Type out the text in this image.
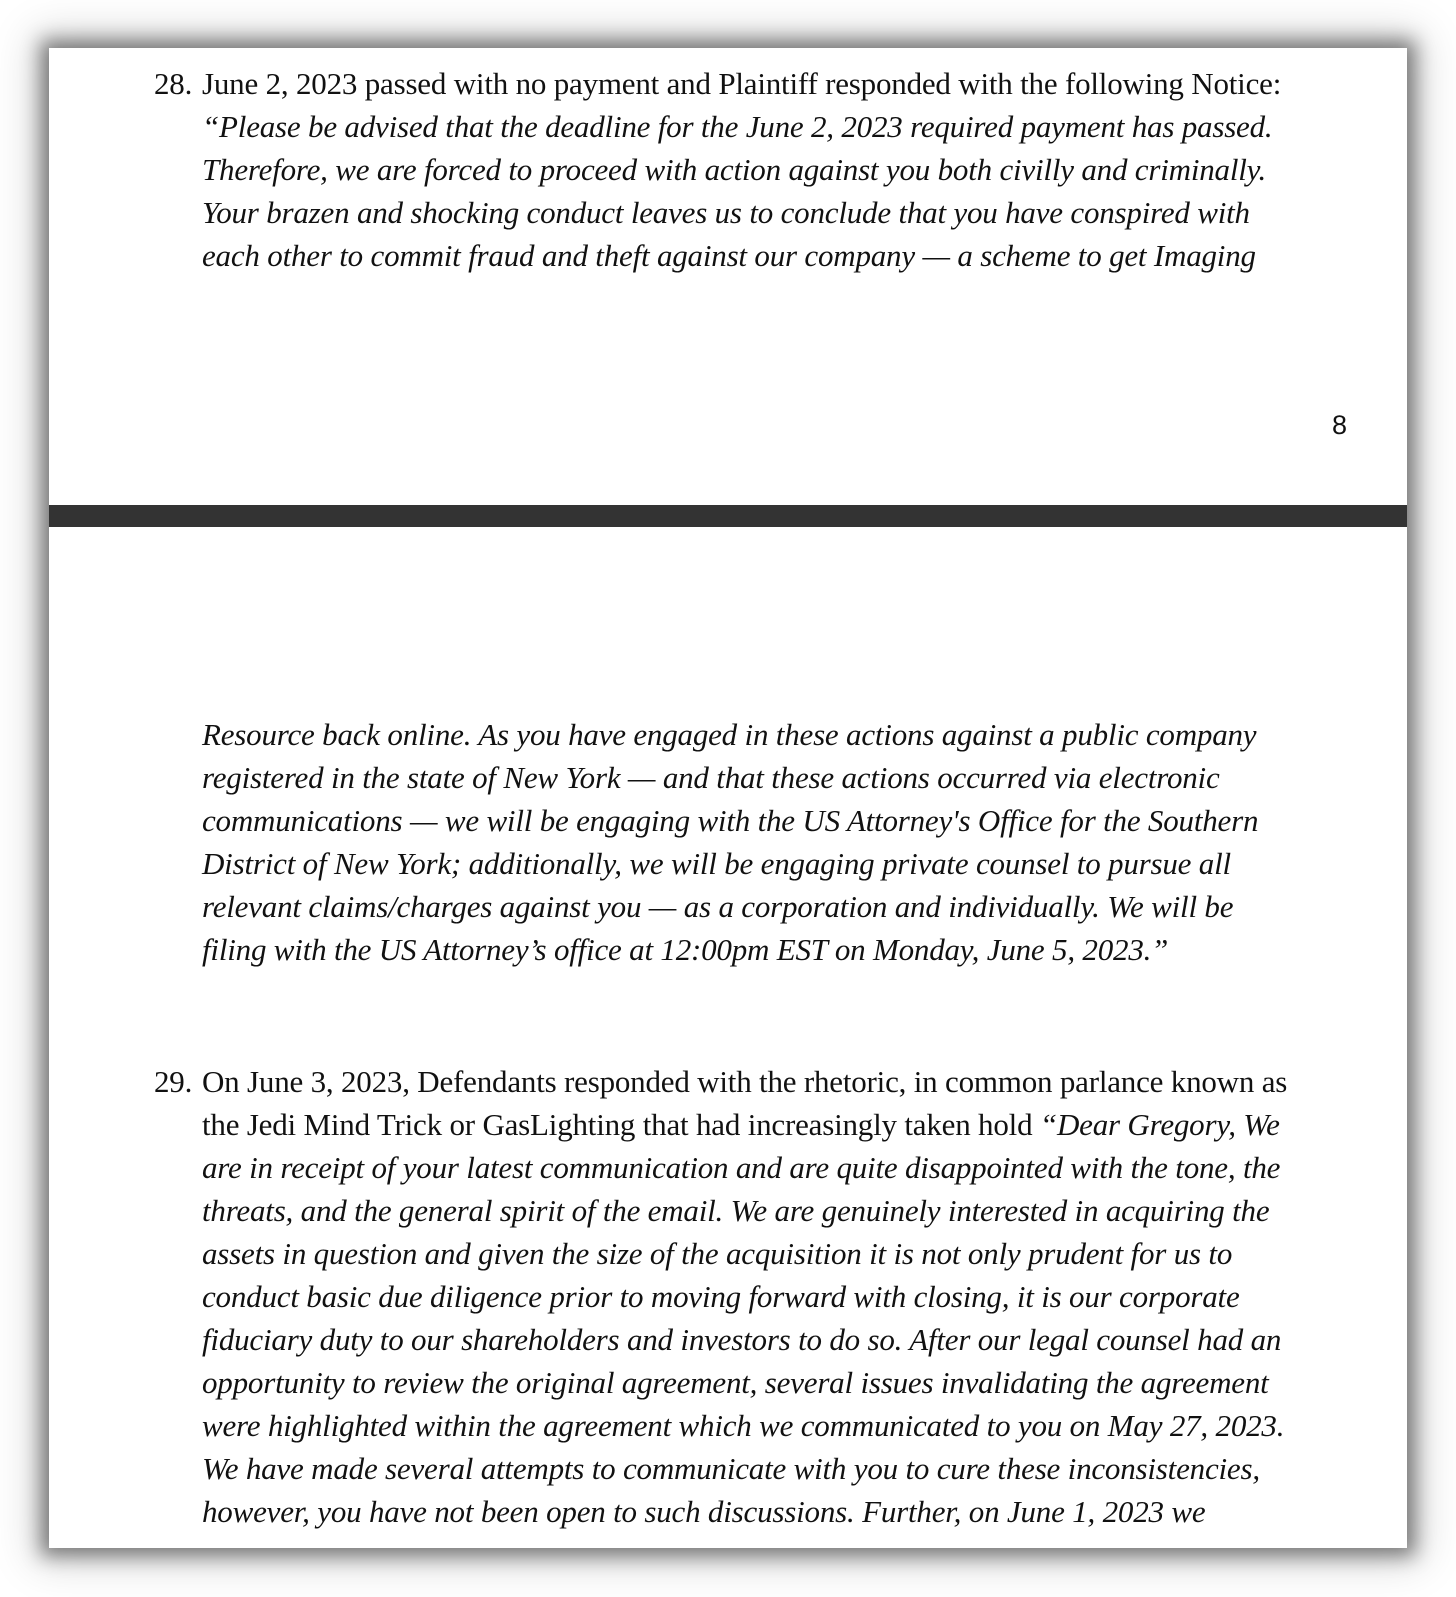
28. June 2, 2023 passed with no payment and Plaintiff responded with the following Notice:
“Please be advised that the deadline for the June 2, 2023 required payment has passed.
Therefore, we are forced to proceed with action against you both civilly and criminally.
Your brazen and shocking conduct leaves us to conclude that you have conspired with
each other to commit fraud and theft against our company — a scheme to get Imaging
8
Resource back online. As you have engaged in these actions against a public company
registered in the state of New York — and that these actions occurred via electronic
communications — we will be engaging with the US Attorney's Office for the Southern
District of New York; additionally, we will be engaging private counsel to pursue all
relevant claims/charges against you — as a corporation and individually. We will be
filing with the US Attorney’s office at 12:00pm EST on Monday, June 5, 2023.”
29. On June 3, 2023, Defendants responded with the rhetoric, in common parlance known as
the Jedi Mind Trick or GasLighting that had increasingly taken hold “Dear Gregory, We
are in receipt of your latest communication and are quite disappointed with the tone, the
threats, and the general spirit of the email. We are genuinely interested in acquiring the
assets in question and given the size of the acquisition it is not only prudent for us to
conduct basic due diligence prior to moving forward with closing, it is our corporate
fiduciary duty to our shareholders and investors to do so. After our legal counsel had an
opportunity to review the original agreement, several issues invalidating the agreement
were highlighted within the agreement which we communicated to you on May 27, 2023.
We have made several attempts to communicate with you to cure these inconsistencies,
however, you have not been open to such discussions. Further, on June 1, 2023 we
